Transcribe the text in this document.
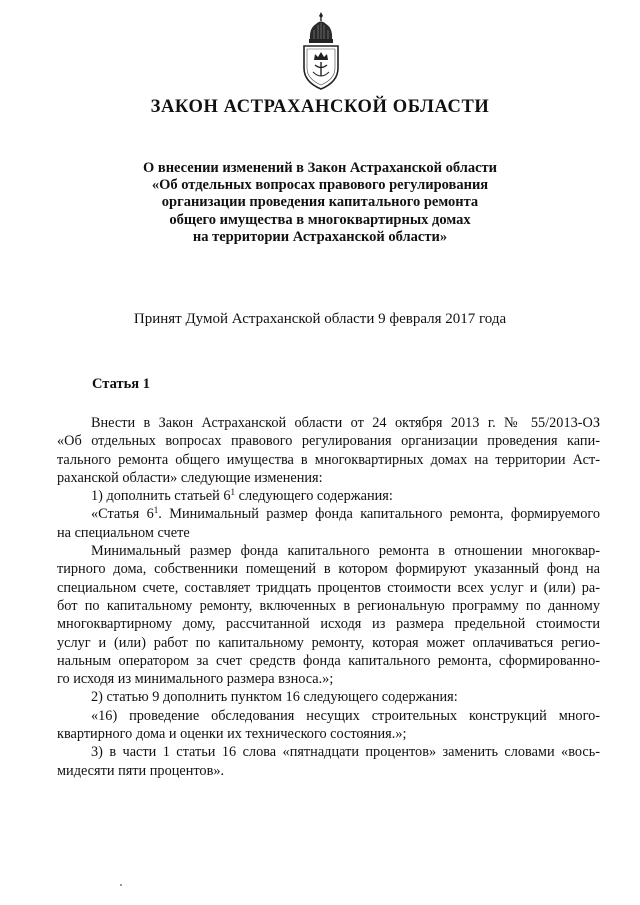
ЗАКОН АСТРАХАНСКОЙ ОБЛАСТИ
О внесении изменений в Закон Астраханской области
«Об отдельных вопросах правового регулирования
организации проведения капитального ремонта
общего имущества в многоквартирных домах
на территории Астраханской области»
Принят Думой Астраханской области 9 февраля 2017 года
Статья 1
Внести в Закон Астраханской области от 24 октября 2013 г. № 55/2013-ОЗ
«Об отдельных вопросах правового регулирования организации проведения капи-
тального ремонта общего имущества в многоквартирных домах на территории Аст-
раханской области» следующие изменения:
1) дополнить статьей $6^1$ следующего содержания:
«Статья $6^1$. Минимальный размер фонда капитального ремонта, формируемого
на специальном счете
Минимальный размер фонда капитального ремонта в отношении многоквар-
тирного дома, собственники помещений в котором формируют указанный фонд на
специальном счете, составляет тридцать процентов стоимости всех услуг и (или) ра-
бот по капитальному ремонту, включенных в региональную программу по данному
многоквартирному дому, рассчитанной исходя из размера предельной стоимости
услуг и (или) работ по капитальному ремонту, которая может оплачиваться регио-
нальным оператором за счет средств фонда капитального ремонта, сформированно-
го исходя из минимального размера взноса.»;
2) статью 9 дополнить пунктом 16 следующего содержания:
«16) проведение обследования несущих строительных конструкций много-
квартирного дома и оценки их технического состояния.»;
3) в части 1 статьи 16 слова «пятнадцати процентов» заменить словами «вось-
мидесяти пяти процентов».
